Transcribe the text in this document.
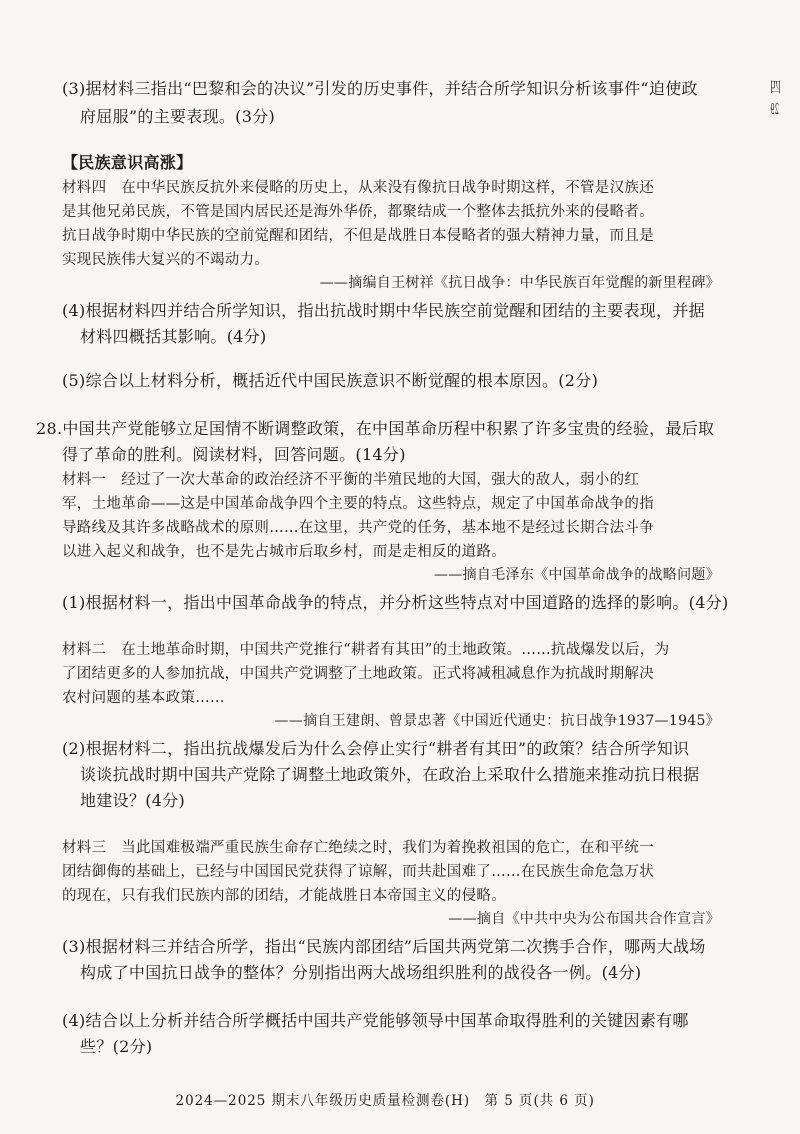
四
29
(3)据材料三指出“巴黎和会的决议”引发的历史事件，并结合所学知识分析该事件“迫使政
府屈服”的主要表现。(3分)
【民族意识高涨】
材料四　在中华民族反抗外来侵略的历史上，从来没有像抗日战争时期这样，不管是汉族还
是其他兄弟民族，不管是国内居民还是海外华侨，都聚结成一个整体去抵抗外来的侵略者。
抗日战争时期中华民族的空前觉醒和团结，不但是战胜日本侵略者的强大精神力量，而且是
实现民族伟大复兴的不竭动力。
——摘编自王树祥《抗日战争：中华民族百年觉醒的新里程碑》
(4)根据材料四并结合所学知识，指出抗战时期中华民族空前觉醒和团结的主要表现，并据
材料四概括其影响。(4分)
(5)综合以上材料分析，概括近代中国民族意识不断觉醒的根本原因。(2分)
28.中国共产党能够立足国情不断调整政策，在中国革命历程中积累了许多宝贵的经验，最后取
得了革命的胜利。阅读材料，回答问题。(14分)
材料一　经过了一次大革命的政治经济不平衡的半殖民地的大国，强大的敌人，弱小的红
军，土地革命——这是中国革命战争四个主要的特点。这些特点，规定了中国革命战争的指
导路线及其许多战略战术的原则……在这里，共产党的任务，基本地不是经过长期合法斗争
以进入起义和战争，也不是先占城市后取乡村，而是走相反的道路。
——摘自毛泽东《中国革命战争的战略问题》
(1)根据材料一，指出中国革命战争的特点，并分析这些特点对中国道路的选择的影响。(4分)
材料二　在土地革命时期，中国共产党推行“耕者有其田”的土地政策。……抗战爆发以后，为
了团结更多的人参加抗战，中国共产党调整了土地政策。正式将减租减息作为抗战时期解决
农村问题的基本政策……
——摘自王建朗、曾景忠著《中国近代通史：抗日战争1937—1945》
(2)根据材料二，指出抗战爆发后为什么会停止实行“耕者有其田”的政策？结合所学知识
谈谈抗战时期中国共产党除了调整土地政策外，在政治上采取什么措施来推动抗日根据
地建设？(4分)
材料三　当此国难极端严重民族生命存亡绝续之时，我们为着挽救祖国的危亡，在和平统一
团结御侮的基础上，已经与中国国民党获得了谅解，而共赴国难了……在民族生命危急万状
的现在，只有我们民族内部的团结，才能战胜日本帝国主义的侵略。
——摘自《中共中央为公布国共合作宣言》
(3)根据材料三并结合所学，指出“民族内部团结”后国共两党第二次携手合作，哪两大战场
构成了中国抗日战争的整体？分别指出两大战场组织胜利的战役各一例。(4分)
(4)结合以上分析并结合所学概括中国共产党能够领导中国革命取得胜利的关键因素有哪
些？(2分)
2024—2025 期末八年级历史质量检测卷(H)　第 5 页(共 6 页)
